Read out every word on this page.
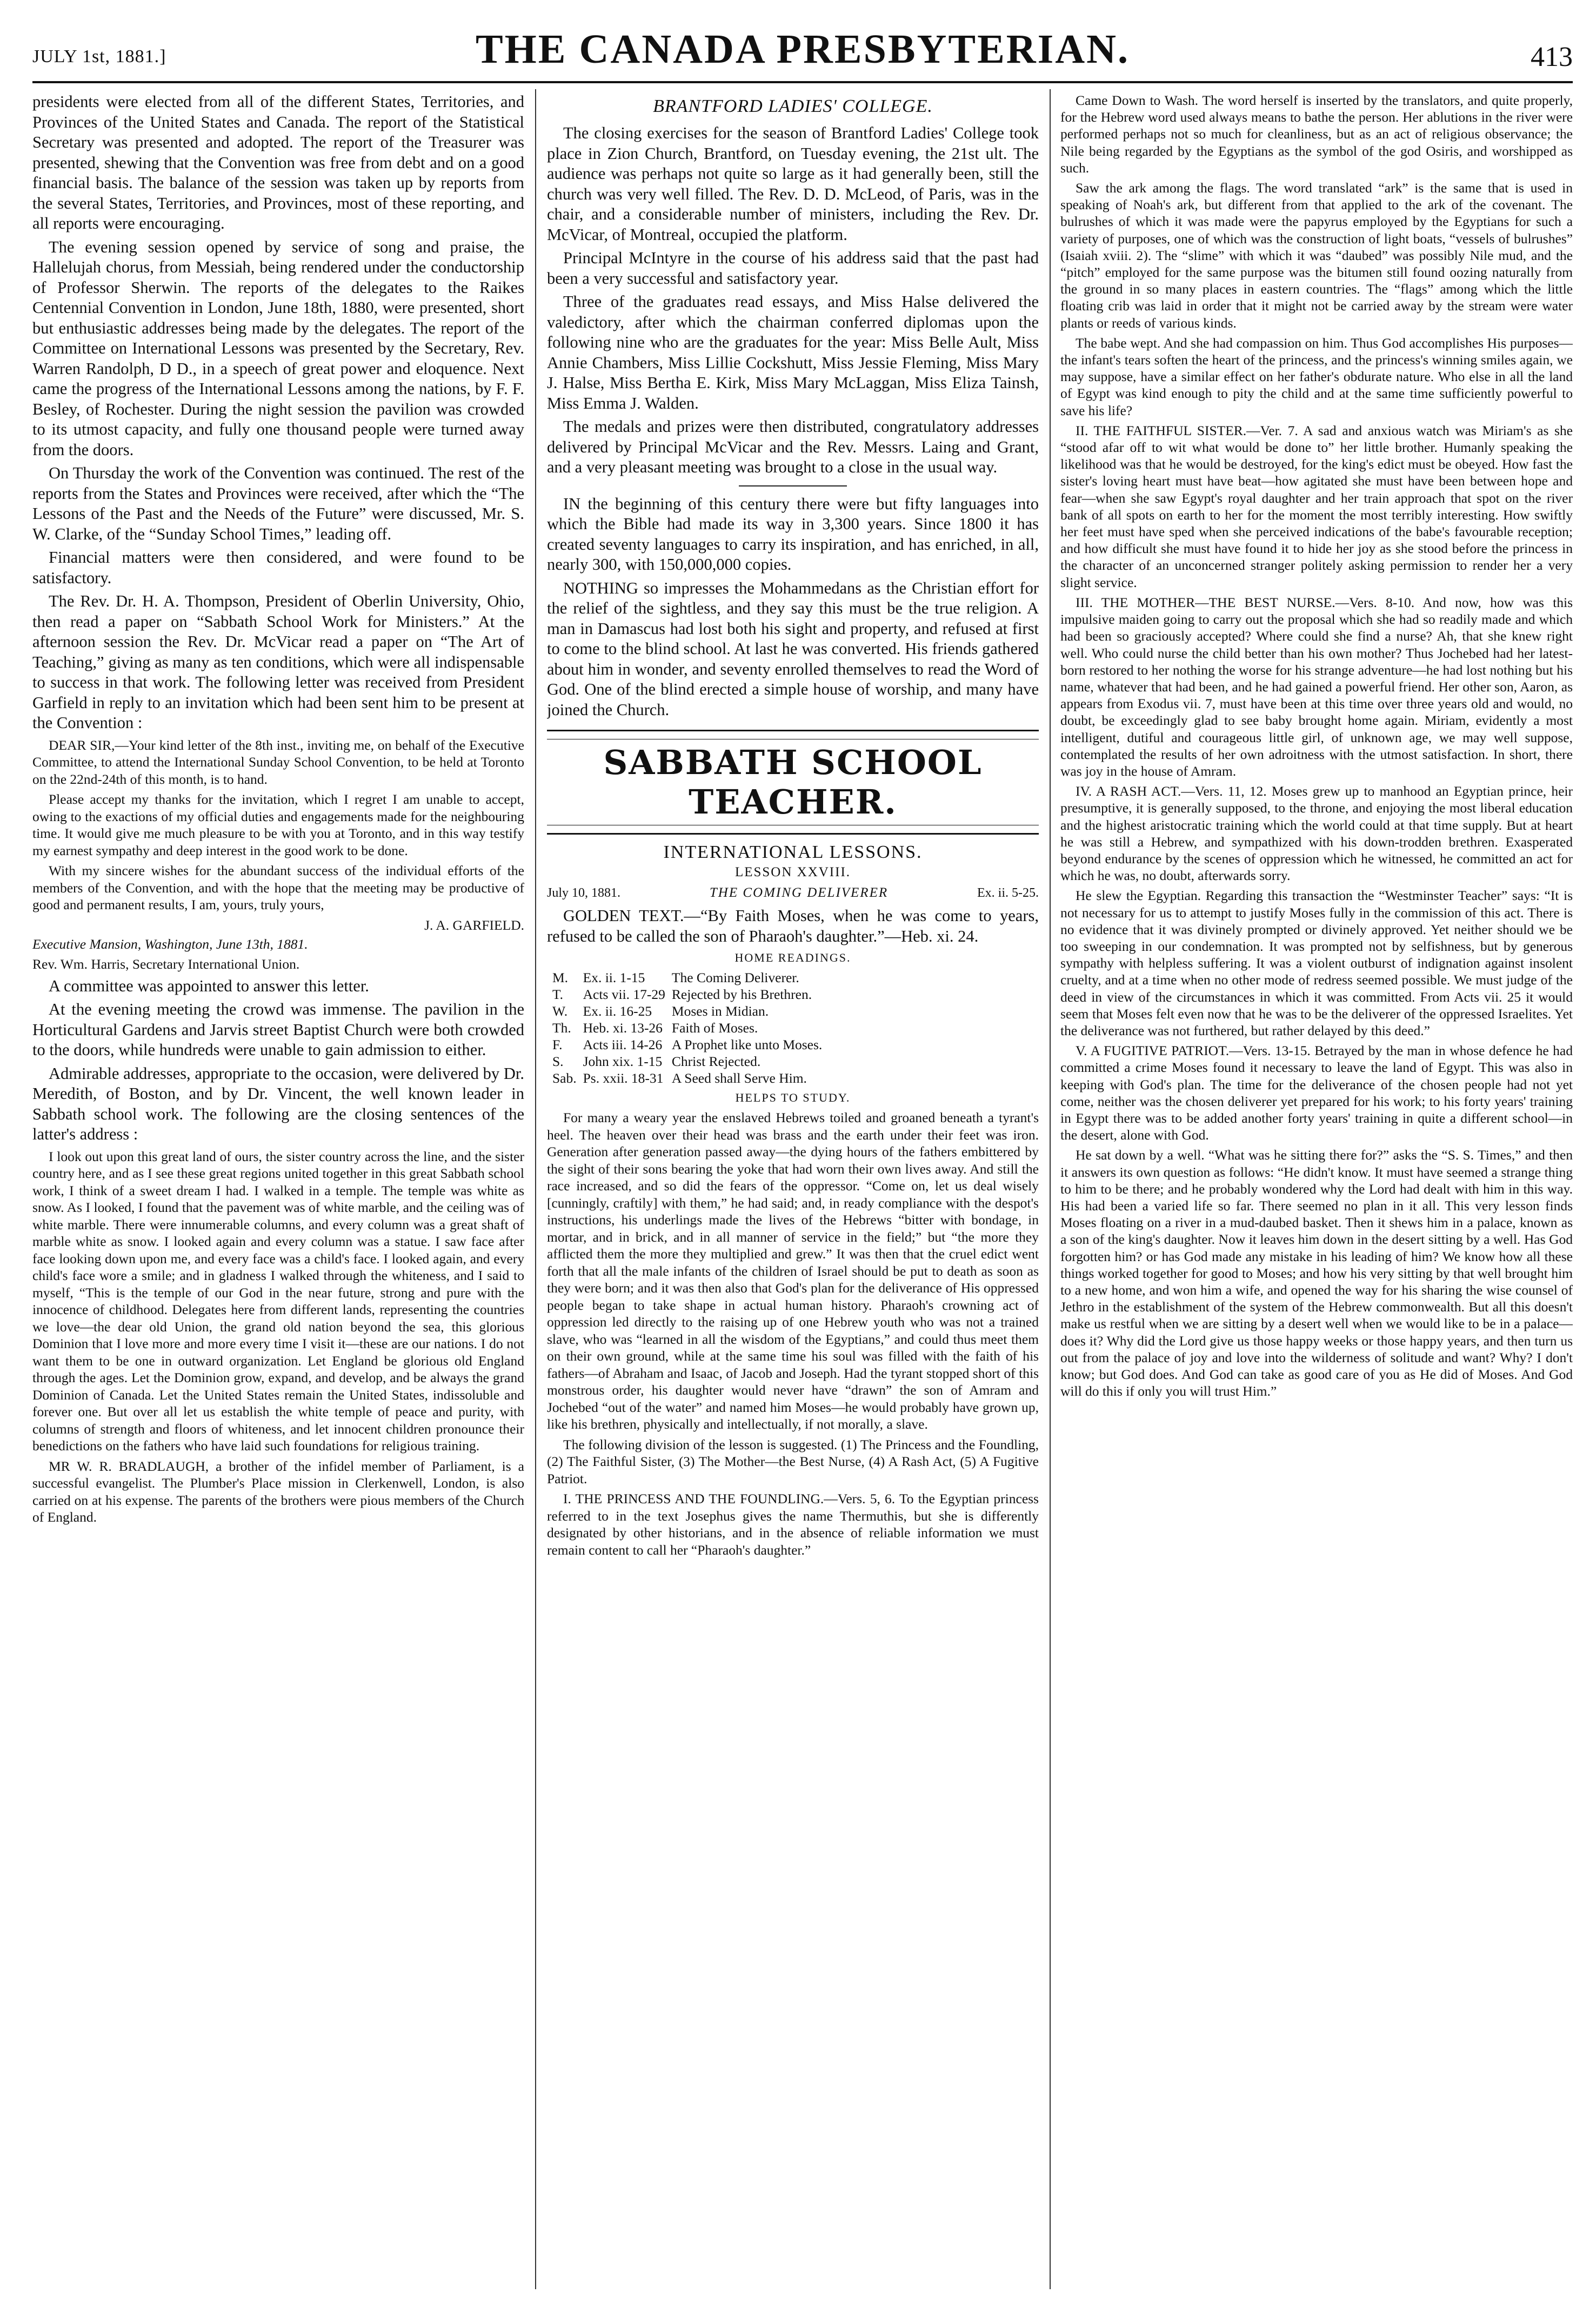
JULY 1st, 1881.]	THE CANADA PRESBYTERIAN.	413

presidents were elected from all of the different States, Territories, and Provinces of the United States and Canada. The report of the Statistical Secretary was presented and adopted. The report of the Treasurer was presented, shewing that the Convention was free from debt and on a good financial basis. The balance of the session was taken up by reports from the several States, Territories, and Provinces, most of these reporting, and all reports were encouraging.

The evening session opened by service of song and praise, the Hallelujah chorus, from Messiah, being rendered under the conductorship of Professor Sherwin. The reports of the delegates to the Raikes Centennial Convention in London, June 18th, 1880, were presented, short but enthusiastic addresses being made by the delegates. The report of the Committee on International Lessons was presented by the Secretary, Rev. Warren Randolph, D D., in a speech of great power and eloquence. Next came the progress of the International Lessons among the nations, by F. F. Besley, of Rochester. During the night session the pavilion was crowded to its utmost capacity, and fully one thousand people were turned away from the doors.

On Thursday the work of the Convention was continued. The rest of the reports from the States and Provinces were received, after which the “The Lessons of the Past and the Needs of the Future” were discussed, Mr. S. W. Clarke, of the “Sunday School Times,” leading off.

Financial matters were then considered, and were found to be satisfactory.

The Rev. Dr. H. A. Thompson, President of Oberlin University, Ohio, then read a paper on “Sabbath School Work for Ministers.” At the afternoon session the Rev. Dr. McVicar read a paper on “The Art of Teaching,” giving as many as ten conditions, which were all indispensable to success in that work. The following letter was received from President Garfield in reply to an invitation which had been sent him to be present at the Convention :

DEAR SIR,—Your kind letter of the 8th inst., inviting me, on behalf of the Executive Committee, to attend the International Sunday School Convention, to be held at Toronto on the 22nd-24th of this month, is to hand.

Please accept my thanks for the invitation, which I regret I am unable to accept, owing to the exactions of my official duties and engagements made for the neighbouring time. It would give me much pleasure to be with you at Toronto, and in this way testify my earnest sympathy and deep interest in the good work to be done.

With my sincere wishes for the abundant success of the individual efforts of the members of the Convention, and with the hope that the meeting may be productive of good and permanent results, I am, yours, truly yours,

J. A. GARFIELD.

Executive Mansion, Washington, June 13th, 1881.

Rev. Wm. Harris, Secretary International Union.

A committee was appointed to answer this letter.

At the evening meeting the crowd was immense. The pavilion in the Horticultural Gardens and Jarvis street Baptist Church were both crowded to the doors, while hundreds were unable to gain admission to either.

Admirable addresses, appropriate to the occasion, were delivered by Dr. Meredith, of Boston, and by Dr. Vincent, the well known leader in Sabbath school work. The following are the closing sentences of the latter's address :

I look out upon this great land of ours, the sister country across the line, and the sister country here, and as I see these great regions united together in this great Sabbath school work, I think of a sweet dream I had. I walked in a temple. The temple was white as snow. As I looked, I found that the pavement was of white marble, and the ceiling was of white marble. There were innumerable columns, and every column was a great shaft of marble white as snow. I looked again and every column was a statue. I saw face after face looking down upon me, and every face was a child's face. I looked again, and every child's face wore a smile; and in gladness I walked through the whiteness, and I said to myself, “This is the temple of our God in the near future, strong and pure with the innocence of childhood. Delegates here from different lands, representing the countries we love—the dear old Union, the grand old nation beyond the sea, this glorious Dominion that I love more and more every time I visit it—these are our nations. I do not want them to be one in outward organization. Let England be glorious old England through the ages. Let the Dominion grow, expand, and develop, and be always the grand Dominion of Canada. Let the United States remain the United States, indissoluble and forever one. But over all let us establish the white temple of peace and purity, with columns of strength and floors of whiteness, and let innocent children pronounce their benedictions on the fathers who have laid such foundations for religious training.

MR W. R. BRADLAUGH, a brother of the infidel member of Parliament, is a successful evangelist. The Plumber's Place mission in Clerkenwell, London, is also carried on at his expense. The parents of the brothers were pious members of the Church of England.

BRANTFORD LADIES' COLLEGE.

The closing exercises for the season of Brantford Ladies' College took place in Zion Church, Brantford, on Tuesday evening, the 21st ult. The audience was perhaps not quite so large as it had generally been, still the church was very well filled. The Rev. D. D. McLeod, of Paris, was in the chair, and a considerable number of ministers, including the Rev. Dr. McVicar, of Montreal, occupied the platform.

Principal McIntyre in the course of his address said that the past had been a very successful and satisfactory year.

Three of the graduates read essays, and Miss Halse delivered the valedictory, after which the chairman conferred diplomas upon the following nine who are the graduates for the year: Miss Belle Ault, Miss Annie Chambers, Miss Lillie Cockshutt, Miss Jessie Fleming, Miss Mary J. Halse, Miss Bertha E. Kirk, Miss Mary McLaggan, Miss Eliza Tainsh, Miss Emma J. Walden.

The medals and prizes were then distributed, congratulatory addresses delivered by Principal McVicar and the Rev. Messrs. Laing and Grant, and a very pleasant meeting was brought to a close in the usual way.

IN the beginning of this century there were but fifty languages into which the Bible had made its way in 3,300 years. Since 1800 it has created seventy languages to carry its inspiration, and has enriched, in all, nearly 300, with 150,000,000 copies.

NOTHING so impresses the Mohammedans as the Christian effort for the relief of the sightless, and they say this must be the true religion. A man in Damascus had lost both his sight and property, and refused at first to come to the blind school. At last he was converted. His friends gathered about him in wonder, and seventy enrolled themselves to read the Word of God. One of the blind erected a simple house of worship, and many have joined the Church.

SABBATH SCHOOL TEACHER.
INTERNATIONAL LESSONS.
LESSON XXVIII.
July 10, 1881.	THE COMING DELIVERER	Ex. ii. 5-25.

GOLDEN TEXT.—“By Faith Moses, when he was come to years, refused to be called the son of Pharaoh's daughter.”—Heb. xi. 24.

HOME READINGS.
M.	Ex. ii. 1-15	The Coming Deliverer.
T.	Acts vii. 17-29	Rejected by his Brethren.
W.	Ex. ii. 16-25	Moses in Midian.
Th.	Heb. xi. 13-26	Faith of Moses.
F.	Acts iii. 14-26	A Prophet like unto Moses.
S.	John xix. 1-15	Christ Rejected.
Sab.	Ps. xxii. 18-31	A Seed shall Serve Him.
HELPS TO STUDY.

For many a weary year the enslaved Hebrews toiled and groaned beneath a tyrant's heel. The heaven over their head was brass and the earth under their feet was iron. Generation after generation passed away—the dying hours of the fathers embittered by the sight of their sons bearing the yoke that had worn their own lives away. And still the race increased, and so did the fears of the oppressor. “Come on, let us deal wisely [cunningly, craftily] with them,” he had said; and, in ready compliance with the despot's instructions, his underlings made the lives of the Hebrews “bitter with bondage, in mortar, and in brick, and in all manner of service in the field;” but “the more they afflicted them the more they multiplied and grew.” It was then that the cruel edict went forth that all the male infants of the children of Israel should be put to death as soon as they were born; and it was then also that God's plan for the deliverance of His oppressed people began to take shape in actual human history. Pharaoh's crowning act of oppression led directly to the raising up of one Hebrew youth who was not a trained slave, who was “learned in all the wisdom of the Egyptians,” and could thus meet them on their own ground, while at the same time his soul was filled with the faith of his fathers—of Abraham and Isaac, of Jacob and Joseph. Had the tyrant stopped short of this monstrous order, his daughter would never have “drawn” the son of Amram and Jochebed “out of the water” and named him Moses—he would probably have grown up, like his brethren, physically and intellectually, if not morally, a slave.

The following division of the lesson is suggested. (1) The Princess and the Foundling, (2) The Faithful Sister, (3) The Mother—the Best Nurse, (4) A Rash Act, (5) A Fugitive Patriot.

I. THE PRINCESS AND THE FOUNDLING.—Vers. 5, 6. To the Egyptian princess referred to in the text Josephus gives the name Thermuthis, but she is differently designated by other historians, and in the absence of reliable information we must remain content to call her “Pharaoh's daughter.”

Came Down to Wash. The word herself is inserted by the translators, and quite properly, for the Hebrew word used always means to bathe the person. Her ablutions in the river were performed perhaps not so much for cleanliness, but as an act of religious observance; the Nile being regarded by the Egyptians as the symbol of the god Osiris, and worshipped as such.

Saw the ark among the flags. The word translated “ark” is the same that is used in speaking of Noah's ark, but different from that applied to the ark of the covenant. The bulrushes of which it was made were the papyrus employed by the Egyptians for such a variety of purposes, one of which was the construction of light boats, “vessels of bulrushes” (Isaiah xviii. 2). The “slime” with which it was “daubed” was possibly Nile mud, and the “pitch” employed for the same purpose was the bitumen still found oozing naturally from the ground in so many places in eastern countries. The “flags” among which the little floating crib was laid in order that it might not be carried away by the stream were water plants or reeds of various kinds.

The babe wept. And she had compassion on him. Thus God accomplishes His purposes—the infant's tears soften the heart of the princess, and the princess's winning smiles again, we may suppose, have a similar effect on her father's obdurate nature. Who else in all the land of Egypt was kind enough to pity the child and at the same time sufficiently powerful to save his life?

II. THE FAITHFUL SISTER.—Ver. 7. A sad and anxious watch was Miriam's as she “stood afar off to wit what would be done to” her little brother. Humanly speaking the likelihood was that he would be destroyed, for the king's edict must be obeyed. How fast the sister's loving heart must have beat—how agitated she must have been between hope and fear—when she saw Egypt's royal daughter and her train approach that spot on the river bank of all spots on earth to her for the moment the most terribly interesting. How swiftly her feet must have sped when she perceived indications of the babe's favourable reception; and how difficult she must have found it to hide her joy as she stood before the princess in the character of an unconcerned stranger politely asking permission to render her a very slight service.

III. THE MOTHER—THE BEST NURSE.—Vers. 8-10. And now, how was this impulsive maiden going to carry out the proposal which she had so readily made and which had been so graciously accepted? Where could she find a nurse? Ah, that she knew right well. Who could nurse the child better than his own mother? Thus Jochebed had her latest-born restored to her nothing the worse for his strange adventure—he had lost nothing but his name, whatever that had been, and he had gained a powerful friend. Her other son, Aaron, as appears from Exodus vii. 7, must have been at this time over three years old and would, no doubt, be exceedingly glad to see baby brought home again. Miriam, evidently a most intelligent, dutiful and courageous little girl, of unknown age, we may well suppose, contemplated the results of her own adroitness with the utmost satisfaction. In short, there was joy in the house of Amram.

IV. A RASH ACT.—Vers. 11, 12. Moses grew up to manhood an Egyptian prince, heir presumptive, it is generally supposed, to the throne, and enjoying the most liberal education and the highest aristocratic training which the world could at that time supply. But at heart he was still a Hebrew, and sympathized with his down-trodden brethren. Exasperated beyond endurance by the scenes of oppression which he witnessed, he committed an act for which he was, no doubt, afterwards sorry.

He slew the Egyptian. Regarding this transaction the “Westminster Teacher” says: “It is not necessary for us to attempt to justify Moses fully in the commission of this act. There is no evidence that it was divinely prompted or divinely approved. Yet neither should we be too sweeping in our condemnation. It was prompted not by selfishness, but by generous sympathy with helpless suffering. It was a violent outburst of indignation against insolent cruelty, and at a time when no other mode of redress seemed possible. We must judge of the deed in view of the circumstances in which it was committed. From Acts vii. 25 it would seem that Moses felt even now that he was to be the deliverer of the oppressed Israelites. Yet the deliverance was not furthered, but rather delayed by this deed.”

V. A FUGITIVE PATRIOT.—Vers. 13-15. Betrayed by the man in whose defence he had committed a crime Moses found it necessary to leave the land of Egypt. This was also in keeping with God's plan. The time for the deliverance of the chosen people had not yet come, neither was the chosen deliverer yet prepared for his work; to his forty years' training in Egypt there was to be added another forty years' training in quite a different school—in the desert, alone with God.

He sat down by a well. “What was he sitting there for?” asks the “S. S. Times,” and then it answers its own question as follows: “He didn't know. It must have seemed a strange thing to him to be there; and he probably wondered why the Lord had dealt with him in this way. His had been a varied life so far. There seemed no plan in it all. This very lesson finds Moses floating on a river in a mud-daubed basket. Then it shews him in a palace, known as a son of the king's daughter. Now it leaves him down in the desert sitting by a well. Has God forgotten him? or has God made any mistake in his leading of him? We know how all these things worked together for good to Moses; and how his very sitting by that well brought him to a new home, and won him a wife, and opened the way for his sharing the wise counsel of Jethro in the establishment of the system of the Hebrew commonwealth. But all this doesn't make us restful when we are sitting by a desert well when we would like to be in a palace—does it? Why did the Lord give us those happy weeks or those happy years, and then turn us out from the palace of joy and love into the wilderness of solitude and want? Why? I don't know; but God does. And God can take as good care of you as He did of Moses. And God will do this if only you will trust Him.”
